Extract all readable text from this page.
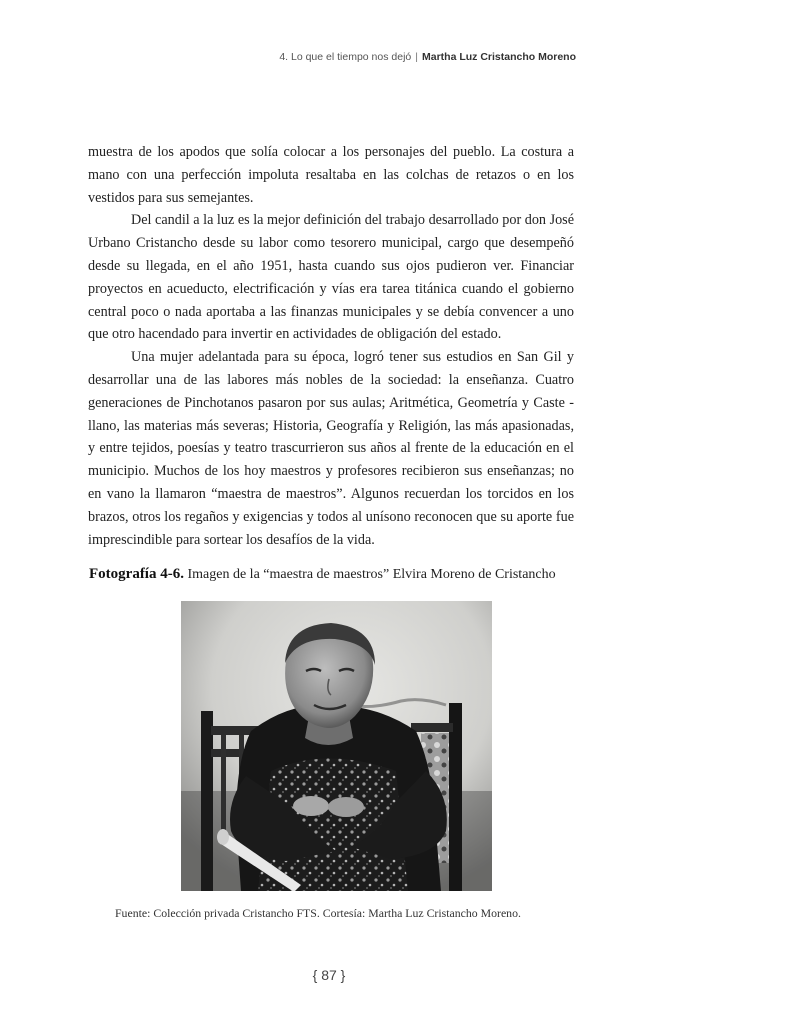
4. Lo que el tiempo nos dejó | Martha Luz Cristancho Moreno

muestra de los apodos que solía colocar a los personajes del pueblo. La costura a mano con una perfección impoluta resaltaba en las colchas de retazos o en los vestidos para sus semejantes.

Del candil a la luz es la mejor definición del trabajo desarrollado por don José Urbano Cristancho desde su labor como tesorero municipal, cargo que desempeñó desde su llegada, en el año 1951, hasta cuando sus ojos pudieron ver. Financiar proyectos en acueducto, electrificación y vías era tarea titánica cuando el gobierno central poco o nada aportaba a las finanzas municipales y se debía convencer a uno que otro hacendado para invertir en actividades de obligación del estado.

Una mujer adelantada para su época, logró tener sus estudios en San Gil y desarrollar una de las labores más nobles de la sociedad: la enseñanza. Cuatro generaciones de Pinchotanos pasaron por sus aulas; Aritmética, Geometría y Caste - llano, las materias más severas; Historia, Geografía y Religión, las más apasionadas, y entre tejidos, poesías y teatro trascurrieron sus años al frente de la educación en el municipio. Muchos de los hoy maestros y profesores recibieron sus enseñanzas; no en vano la llamaron “maestra de maestros”. Algunos recuerdan los torcidos en los brazos, otros los regaños y exigencias y todos al unísono reconocen que su aporte fue imprescindible para sortear los desafíos de la vida.

Fotografía 4-6. Imagen de la “maestra de maestros” Elvira Moreno de Cristancho
Fuente: Colección privada Cristancho FTS. Cortesía: Martha Luz Cristancho Moreno.
{ 87 }
